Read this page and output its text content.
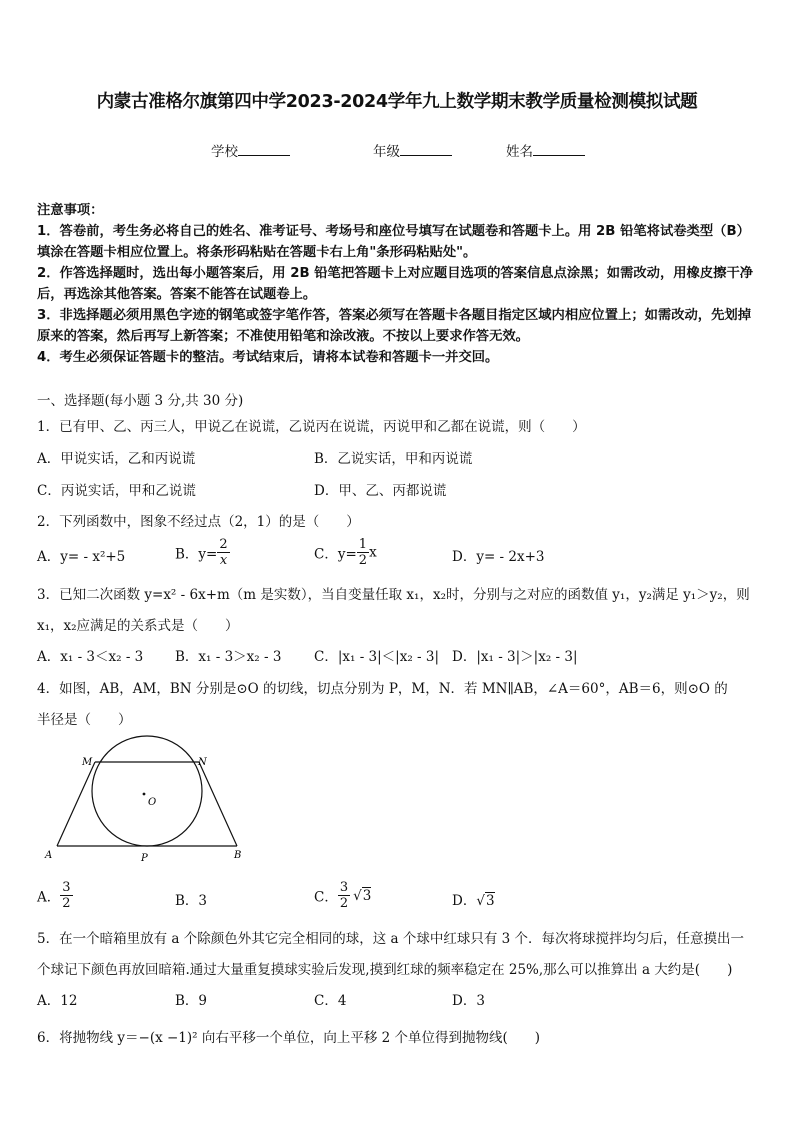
内蒙古准格尔旗第四中学2023-2024学年九上数学期末教学质量检测模拟试题
学校	年级	姓名
注意事项：
1．答卷前，考生务必将自己的姓名、准考证号、考场号和座位号填写在试题卷和答题卡上。用 2B 铅笔将试卷类型（B）填涂在答题卡相应位置上。将条形码粘贴在答题卡右上角"条形码粘贴处"。
2．作答选择题时，选出每小题答案后，用 2B 铅笔把答题卡上对应题目选项的答案信息点涂黑；如需改动，用橡皮擦干净后，再选涂其他答案。答案不能答在试题卷上。
3．非选择题必须用黑色字迹的钢笔或签字笔作答，答案必须写在答题卡各题目指定区域内相应位置上；如需改动，先划掉原来的答案，然后再写上新答案；不准使用铅笔和涂改液。不按以上要求作答无效。
4．考生必须保证答题卡的整洁。考试结束后，请将本试卷和答题卡一并交回。
一、选择题(每小题 3 分,共 30 分)
1．已有甲、乙、丙三人，甲说乙在说谎，乙说丙在说谎，丙说甲和乙都在说谎，则（　　）
A．甲说实话，乙和丙说谎	B．乙说实话，甲和丙说谎
C．丙说实话，甲和乙说谎	D．甲、乙、丙都说谎
2．下列函数中，图象不经过点（2，1）的是（　　）
A．y= - x²+5	B．$y= \frac{2}{x}$	C．$y= \frac{1}{2}$ x	D．y= - 2x+3
3．已知二次函数 y=x² - 6x+m（m 是实数），当自变量任取 x₁，x₂时，分别与之对应的函数值 y₁，y₂满足 y₁＞y₂，则
x₁，x₂应满足的关系式是（　　）
A．x₁ - 3＜x₂ - 3 B．x₁ - 3＞x₂ - 3 C．|x₁ - 3|＜|x₂ - 3| D．|x₁ - 3|＞|x₂ - 3|
4．如图，AB，AM，BN 分别是⊙O 的切线，切点分别为 P，M，N．若 MN∥AB，∠A＝60°，AB＝6，则⊙O 的
半径是（　　）
M	N
O
A	B
P
A． $\frac{3}{2}$	B．3	C． $\frac{3}{2} √3$	D．√3
5．在一个暗箱里放有 a 个除颜色外其它完全相同的球，这 a 个球中红球只有 3 个．每次将球搅拌均匀后，任意摸出一
个球记下颜色再放回暗箱.通过大量重复摸球实验后发现,摸到红球的频率稳定在 25%,那么可以推算出 a 大约是(　　)
A．12	B．9	C．4	D．3
6．将抛物线 y＝−(x −1)² 向右平移一个单位，向上平移 2 个单位得到抛物线(　　)
